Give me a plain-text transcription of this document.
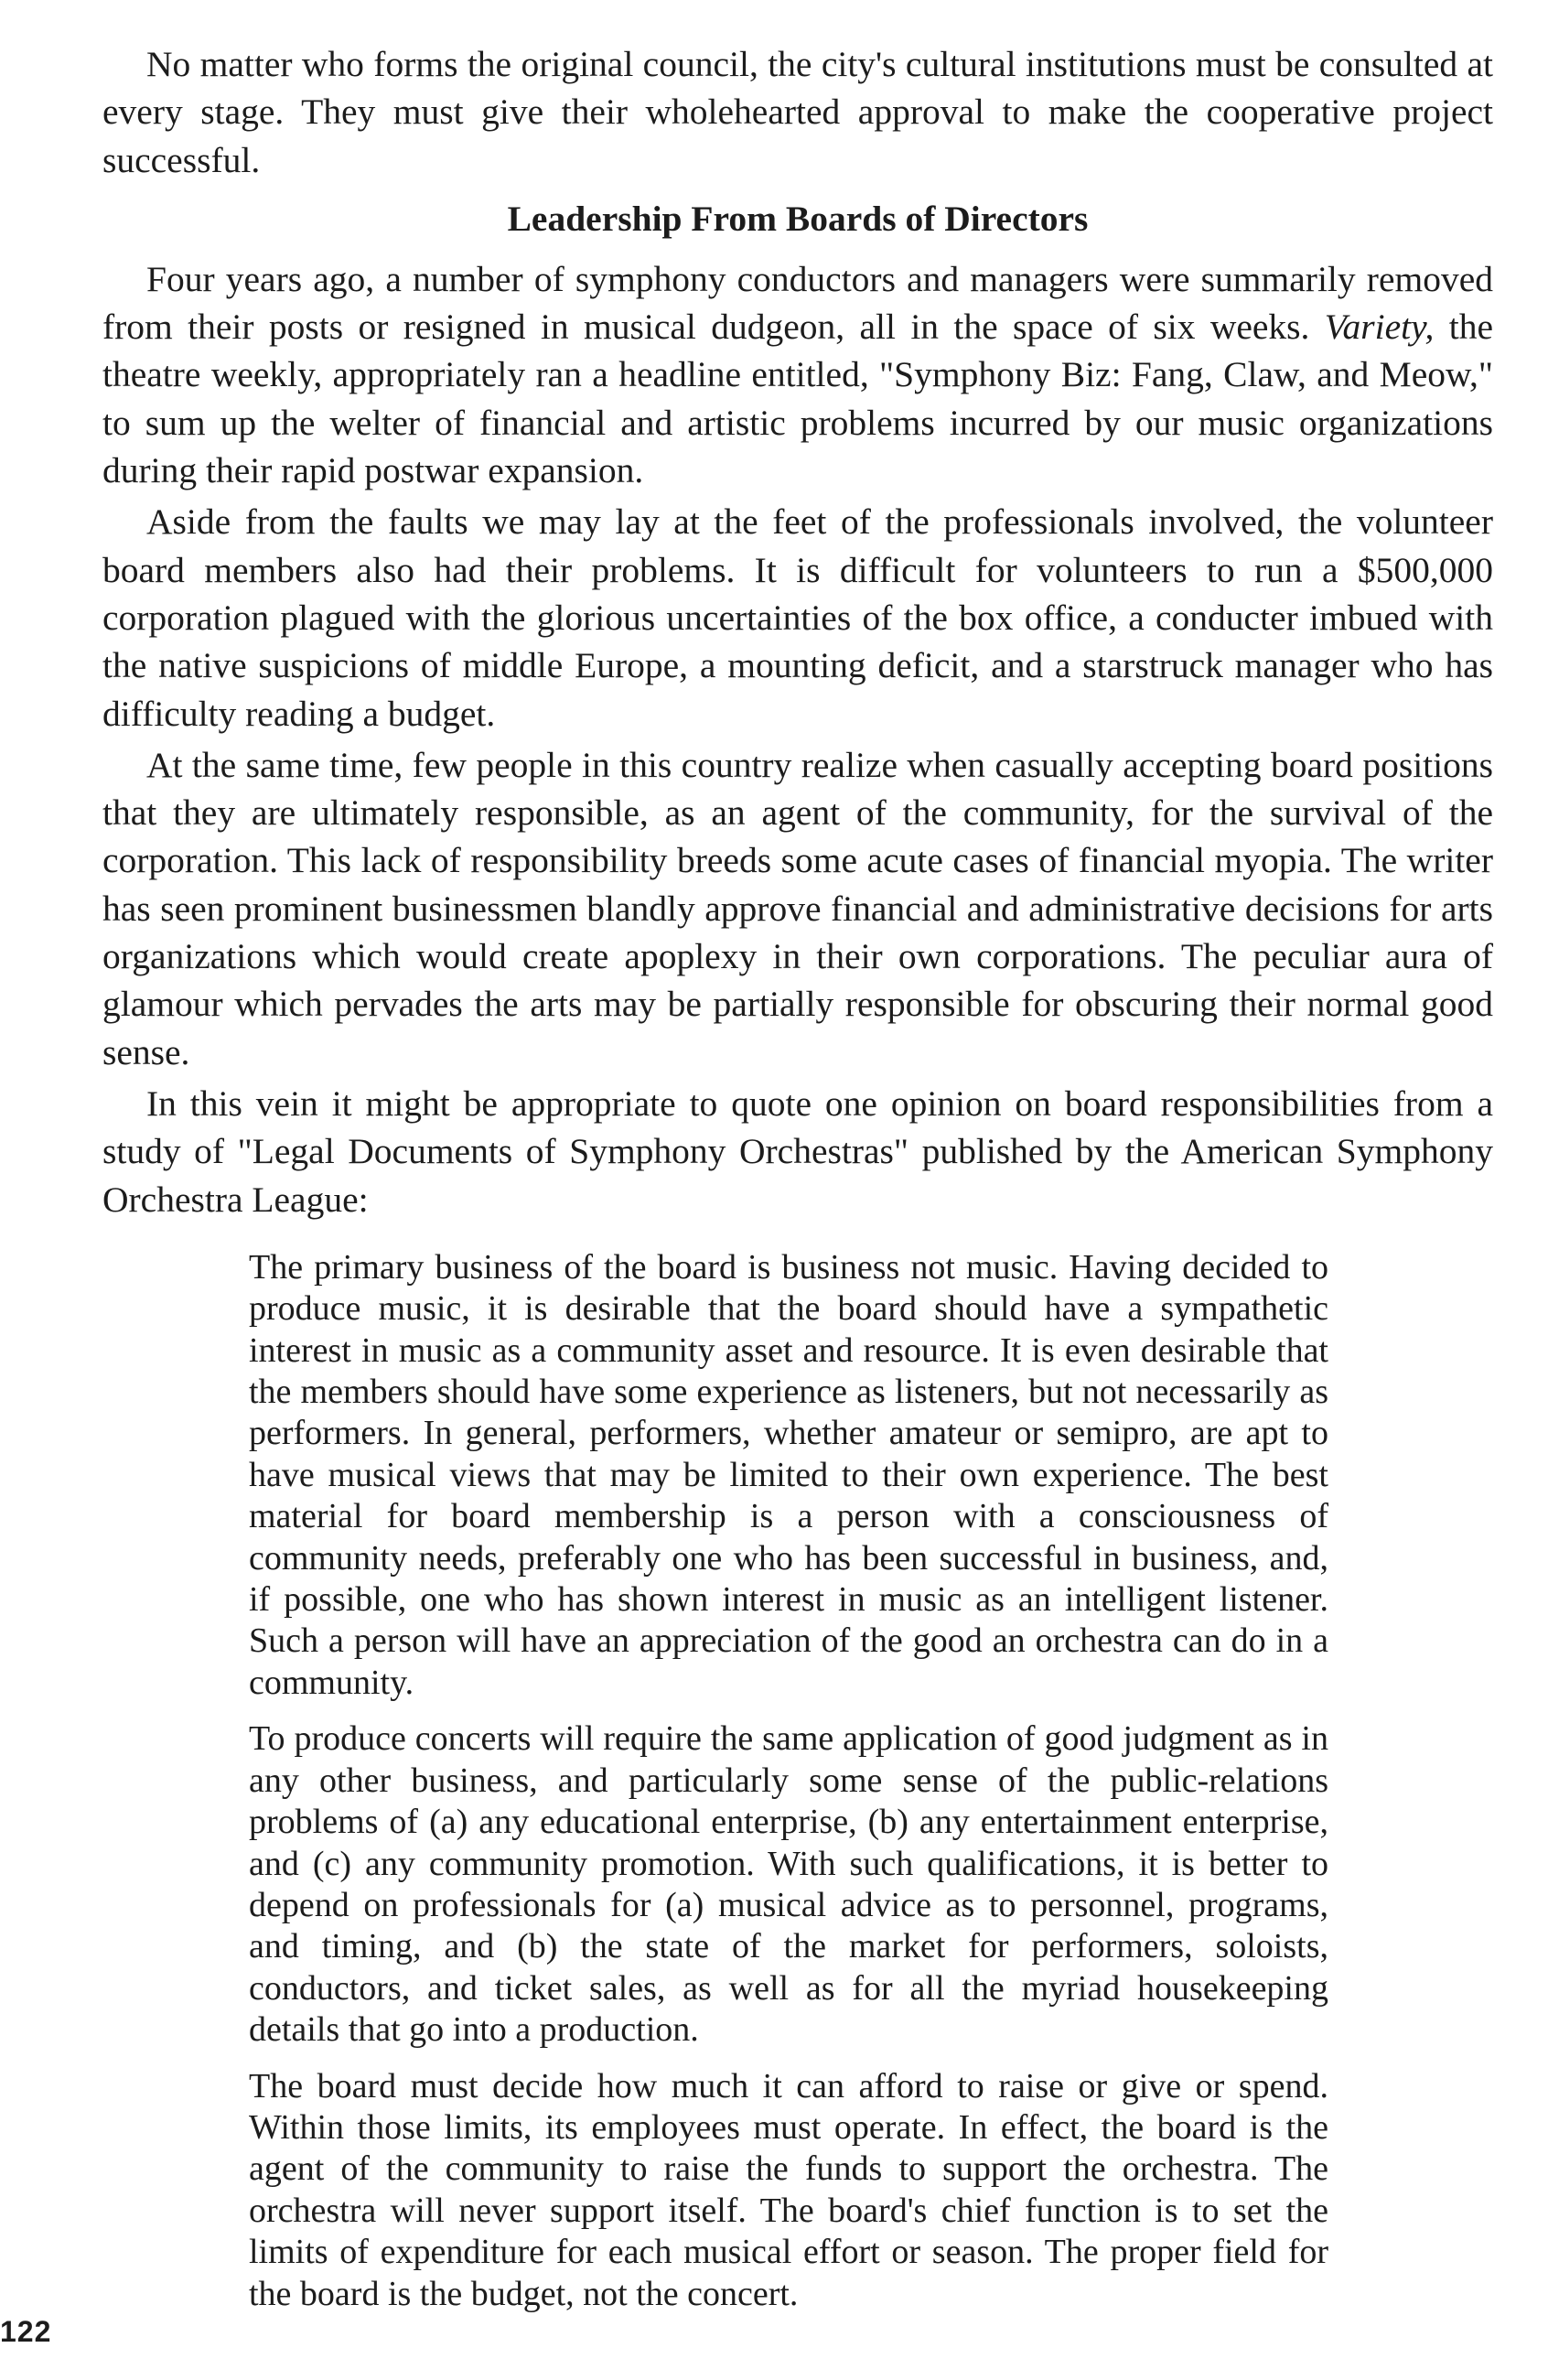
No matter who forms the original council, the city's cultural institutions must be consulted at every stage. They must give their wholehearted approval to make the cooperative project successful.

Leadership From Boards of Directors

Four years ago, a number of symphony conductors and managers were summarily removed from their posts or resigned in musical dudgeon, all in the space of six weeks. Variety, the theatre weekly, appropriately ran a headline entitled, "Symphony Biz: Fang, Claw, and Meow," to sum up the welter of financial and artistic problems incurred by our music organizations during their rapid postwar expansion.

Aside from the faults we may lay at the feet of the professionals involved, the volunteer board members also had their problems. It is difficult for volunteers to run a $500,000 corporation plagued with the glorious uncertainties of the box office, a conducter imbued with the native suspicions of middle Europe, a mounting deficit, and a starstruck manager who has difficulty reading a budget.

At the same time, few people in this country realize when casually accepting board positions that they are ultimately responsible, as an agent of the community, for the survival of the corporation. This lack of responsibility breeds some acute cases of financial myopia. The writer has seen prominent businessmen blandly approve financial and administrative decisions for arts organizations which would create apoplexy in their own corporations. The peculiar aura of glamour which pervades the arts may be partially responsible for obscuring their normal good sense.

In this vein it might be appropriate to quote one opinion on board responsibilities from a study of "Legal Documents of Symphony Orchestras" published by the American Symphony Orchestra League:

The primary business of the board is business not music. Having decided to produce music, it is desirable that the board should have a sympathetic interest in music as a community asset and resource. It is even desirable that the members should have some experience as listeners, but not necessarily as performers. In general, performers, whether amateur or semipro, are apt to have musical views that may be limited to their own experience. The best material for board membership is a person with a consciousness of community needs, preferably one who has been successful in business, and, if possible, one who has shown interest in music as an intelligent listener. Such a person will have an appreciation of the good an orchestra can do in a community.

To produce concerts will require the same application of good judgment as in any other business, and particularly some sense of the public-relations problems of (a) any educational enterprise, (b) any entertainment enterprise, and (c) any community promotion. With such qualifications, it is better to depend on professionals for (a) musical advice as to personnel, programs, and timing, and (b) the state of the market for performers, soloists, conductors, and ticket sales, as well as for all the myriad housekeeping details that go into a production.

The board must decide how much it can afford to raise or give or spend. Within those limits, its employees must operate. In effect, the board is the agent of the community to raise the funds to support the orchestra. The orchestra will never support itself. The board's chief function is to set the limits of expenditure for each musical effort or season. The proper field for the board is the budget, not the concert.

122
